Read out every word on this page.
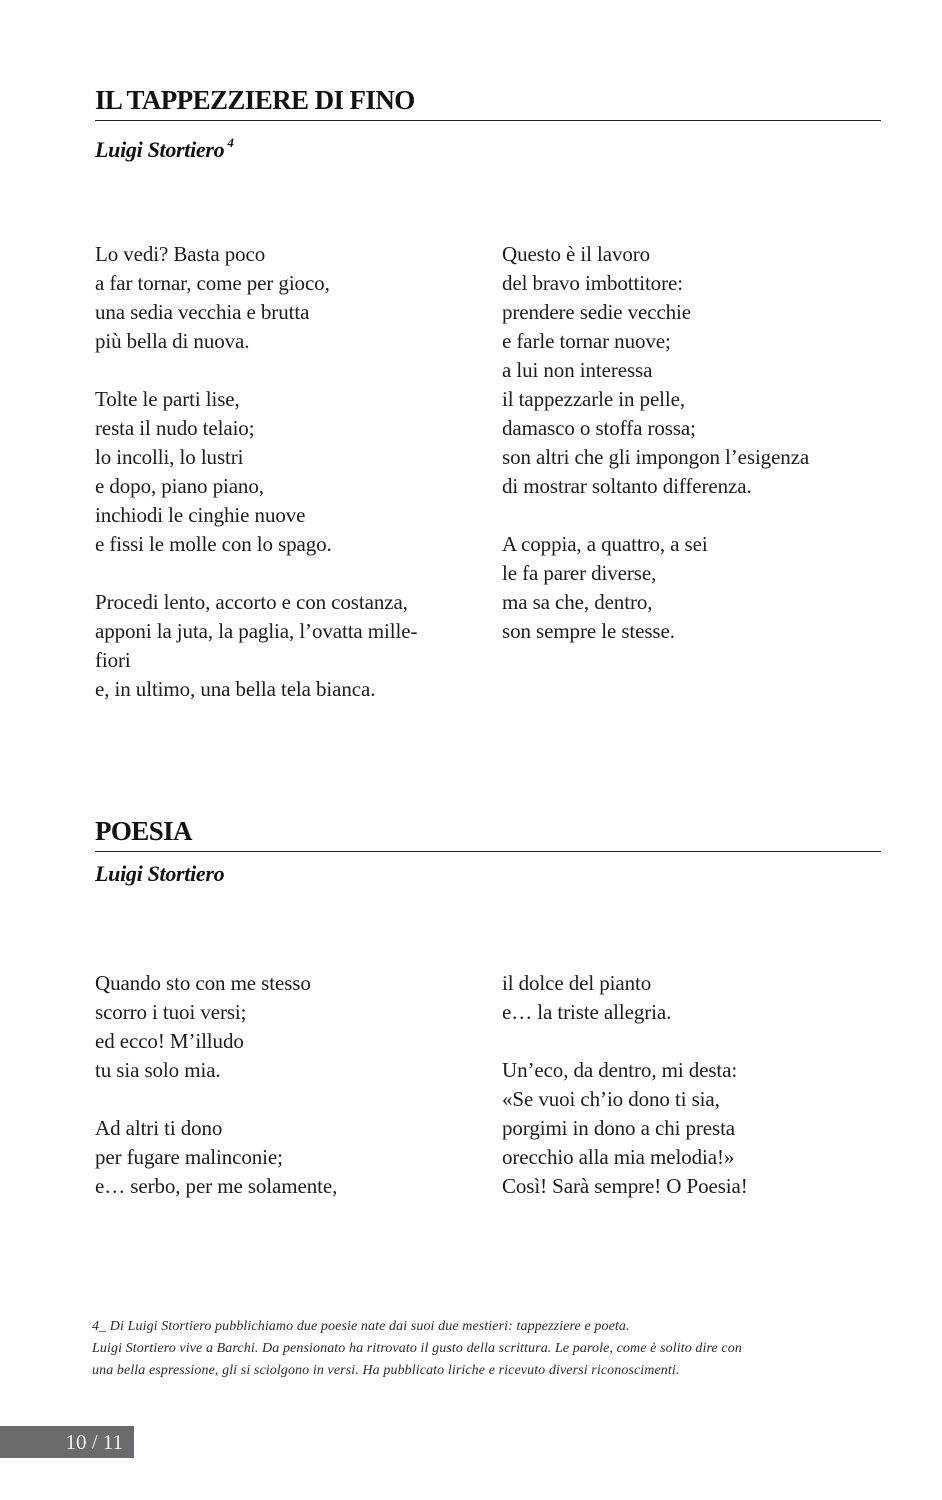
IL TAPPEZZIERE DI FINO
Luigi Stortiero $^4$
Lo vedi? Basta poco
a far tornar, come per gioco,
una sedia vecchia e brutta
più bella di nuova.
Tolte le parti lise,
resta il nudo telaio;
lo incolli, lo lustri
e dopo, piano piano,
inchiodi le cinghie nuove
e fissi le molle con lo spago.
Procedi lento, accorto e con costanza,
apponi la juta, la paglia, l’ovatta mille-
fiori
e, in ultimo, una bella tela bianca.
Questo è il lavoro
del bravo imbottitore:
prendere sedie vecchie
e farle tornar nuove;
a lui non interessa
il tappezzarle in pelle,
damasco o stoffa rossa;
son altri che gli impongon l’esigenza
di mostrar soltanto differenza.
A coppia, a quattro, a sei
le fa parer diverse,
ma sa che, dentro,
son sempre le stesse.
POESIA
Luigi Stortiero
Quando sto con me stesso
scorro i tuoi versi;
ed ecco! M’illudo
tu sia solo mia.
Ad altri ti dono
per fugare malinconie;
e… serbo, per me solamente,
il dolce del pianto
e… la triste allegria.
Un’eco, da dentro, mi desta:
«Se vuoi ch’io dono ti sia,
porgimi in dono a chi presta
orecchio alla mia melodia!»
Così! Sarà sempre! O Poesia!
4_ Di Luigi Stortiero pubblichiamo due poesie nate dai suoi due mestieri: tappezziere e poeta.
Luigi Stortiero vive a Barchi. Da pensionato ha ritrovato il gusto della scrittura. Le parole, come è solito dire con
una bella espressione, gli si sciolgono in versi. Ha pubblicato liriche e ricevuto diversi riconoscimenti.
10 / 11
